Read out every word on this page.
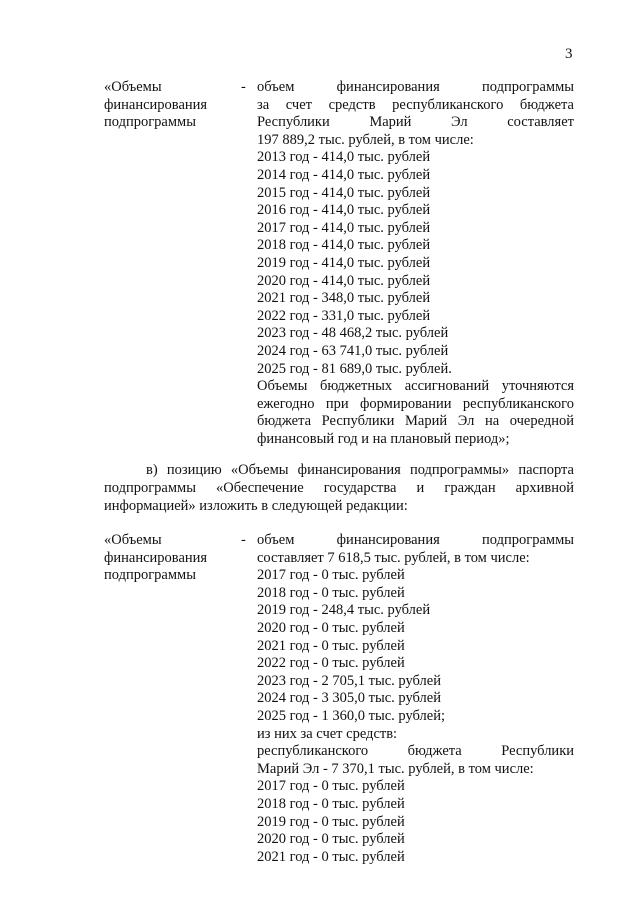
3
«Объемы
финансирования
подпрограммы
- объем финансирования подпрограммы
за счет средств республиканского бюджета
Республики Марий Эл составляет
197 889,2 тыс. рублей, в том числе:
2013 год - 414,0 тыс. рублей
2014 год - 414,0 тыс. рублей
2015 год - 414,0 тыс. рублей
2016 год - 414,0 тыс. рублей
2017 год - 414,0 тыс. рублей
2018 год - 414,0 тыс. рублей
2019 год - 414,0 тыс. рублей
2020 год - 414,0 тыс. рублей
2021 год - 348,0 тыс. рублей
2022 год - 331,0 тыс. рублей
2023 год - 48 468,2 тыс. рублей
2024 год - 63 741,0 тыс. рублей
2025 год - 81 689,0 тыс. рублей.
Объемы бюджетных ассигнований уточняются
ежегодно при формировании республиканского
бюджета Республики Марий Эл на очередной
финансовый год и на плановый период»;
в) позицию «Объемы финансирования подпрограммы» паспорта
подпрограммы «Обеспечение государства и граждан архивной
информацией» изложить в следующей редакции:
«Объемы
финансирования
подпрограммы
- объем финансирования подпрограммы
составляет 7 618,5 тыс. рублей, в том числе:
2017 год - 0 тыс. рублей
2018 год - 0 тыс. рублей
2019 год - 248,4 тыс. рублей
2020 год - 0 тыс. рублей
2021 год - 0 тыс. рублей
2022 год - 0 тыс. рублей
2023 год - 2 705,1 тыс. рублей
2024 год - 3 305,0 тыс. рублей
2025 год - 1 360,0 тыс. рублей;
из них за счет средств:
республиканского бюджета Республики
Марий Эл - 7 370,1 тыс. рублей, в том числе:
2017 год - 0 тыс. рублей
2018 год - 0 тыс. рублей
2019 год - 0 тыс. рублей
2020 год - 0 тыс. рублей
2021 год - 0 тыс. рублей
